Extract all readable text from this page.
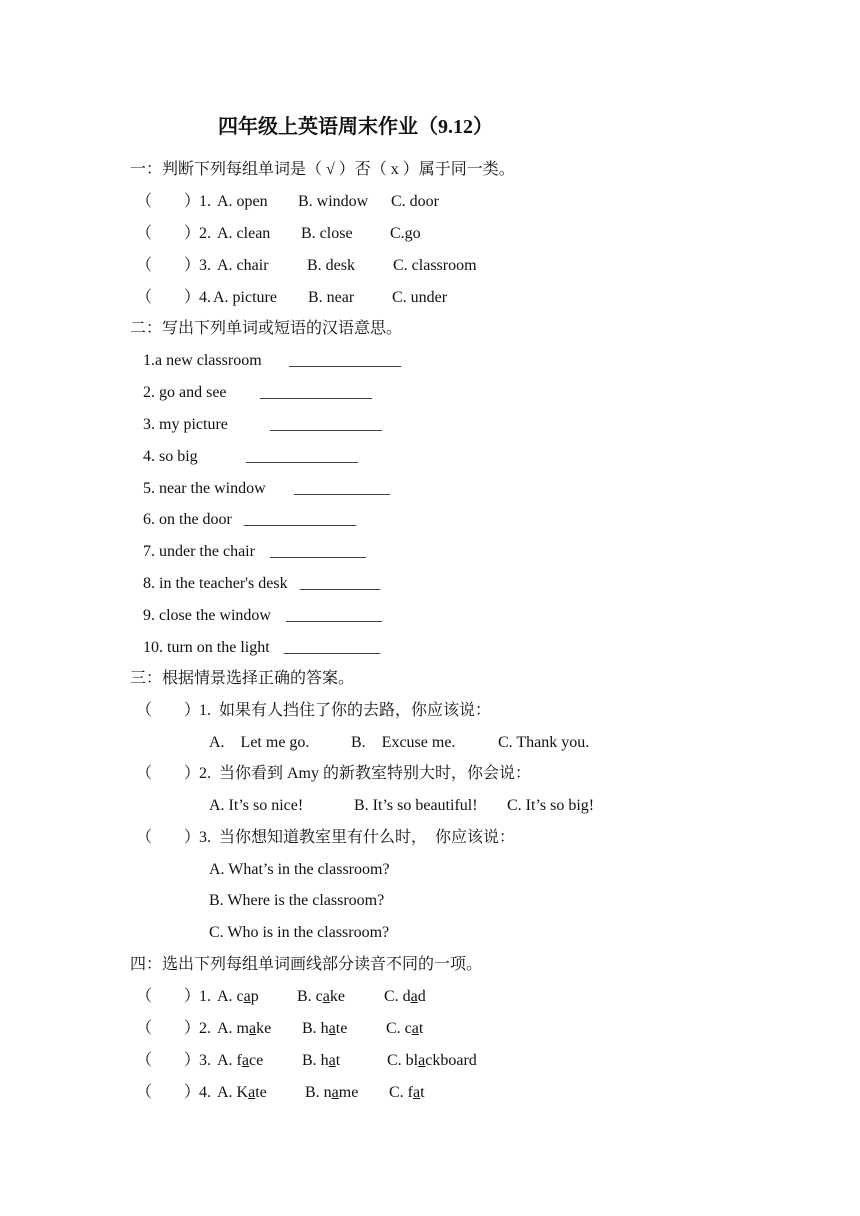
四年级上英语周末作业（9.12）
一：判断下列每组单词是（ √ ）否（ x ）属于同一类。
（        ）
1. A. open B. window C. door
（        ）
2. A. clean B. close C.go
（        ）
3. A. chair B. desk C. classroom
（        ）
4. A. picture B. near C. under
二：写出下列单词或短语的汉语意思。
1.a new classroom ______________
2. go and see ______________
3. my picture	______________
4. so big	______________
5. near the window ____________
6. on the door ______________
7. under the chair ____________
8. in the teacher's desk __________
9. close the window ____________
10. turn on the light ____________
三：根据情景选择正确的答案。
（        ）
1.  如果有人挡住了你的去路，你应该说：
A.    Let me go.	B.    Excuse me.	C. Thank you.
（        ）
2.  当你看到 Amy 的新教室特别大时，你会说：
A. It’s so nice!	B. It’s so beautiful! C. It’s so big!
（        ）
3.  当你想知道教室里有什么时，  你应该说：
A. What’s in the classroom?
B. Where is the classroom?
C. Who is in the classroom?
四：选出下列每组单词画线部分读音不同的一项。
（        ）
1. A. cap B. cake C. dad
（        ）
2. A. make B. hate C. cat
（        ）
3. A. face B. hat	C. blackboard
（        ）
4. A. Kate B. name C. fat
